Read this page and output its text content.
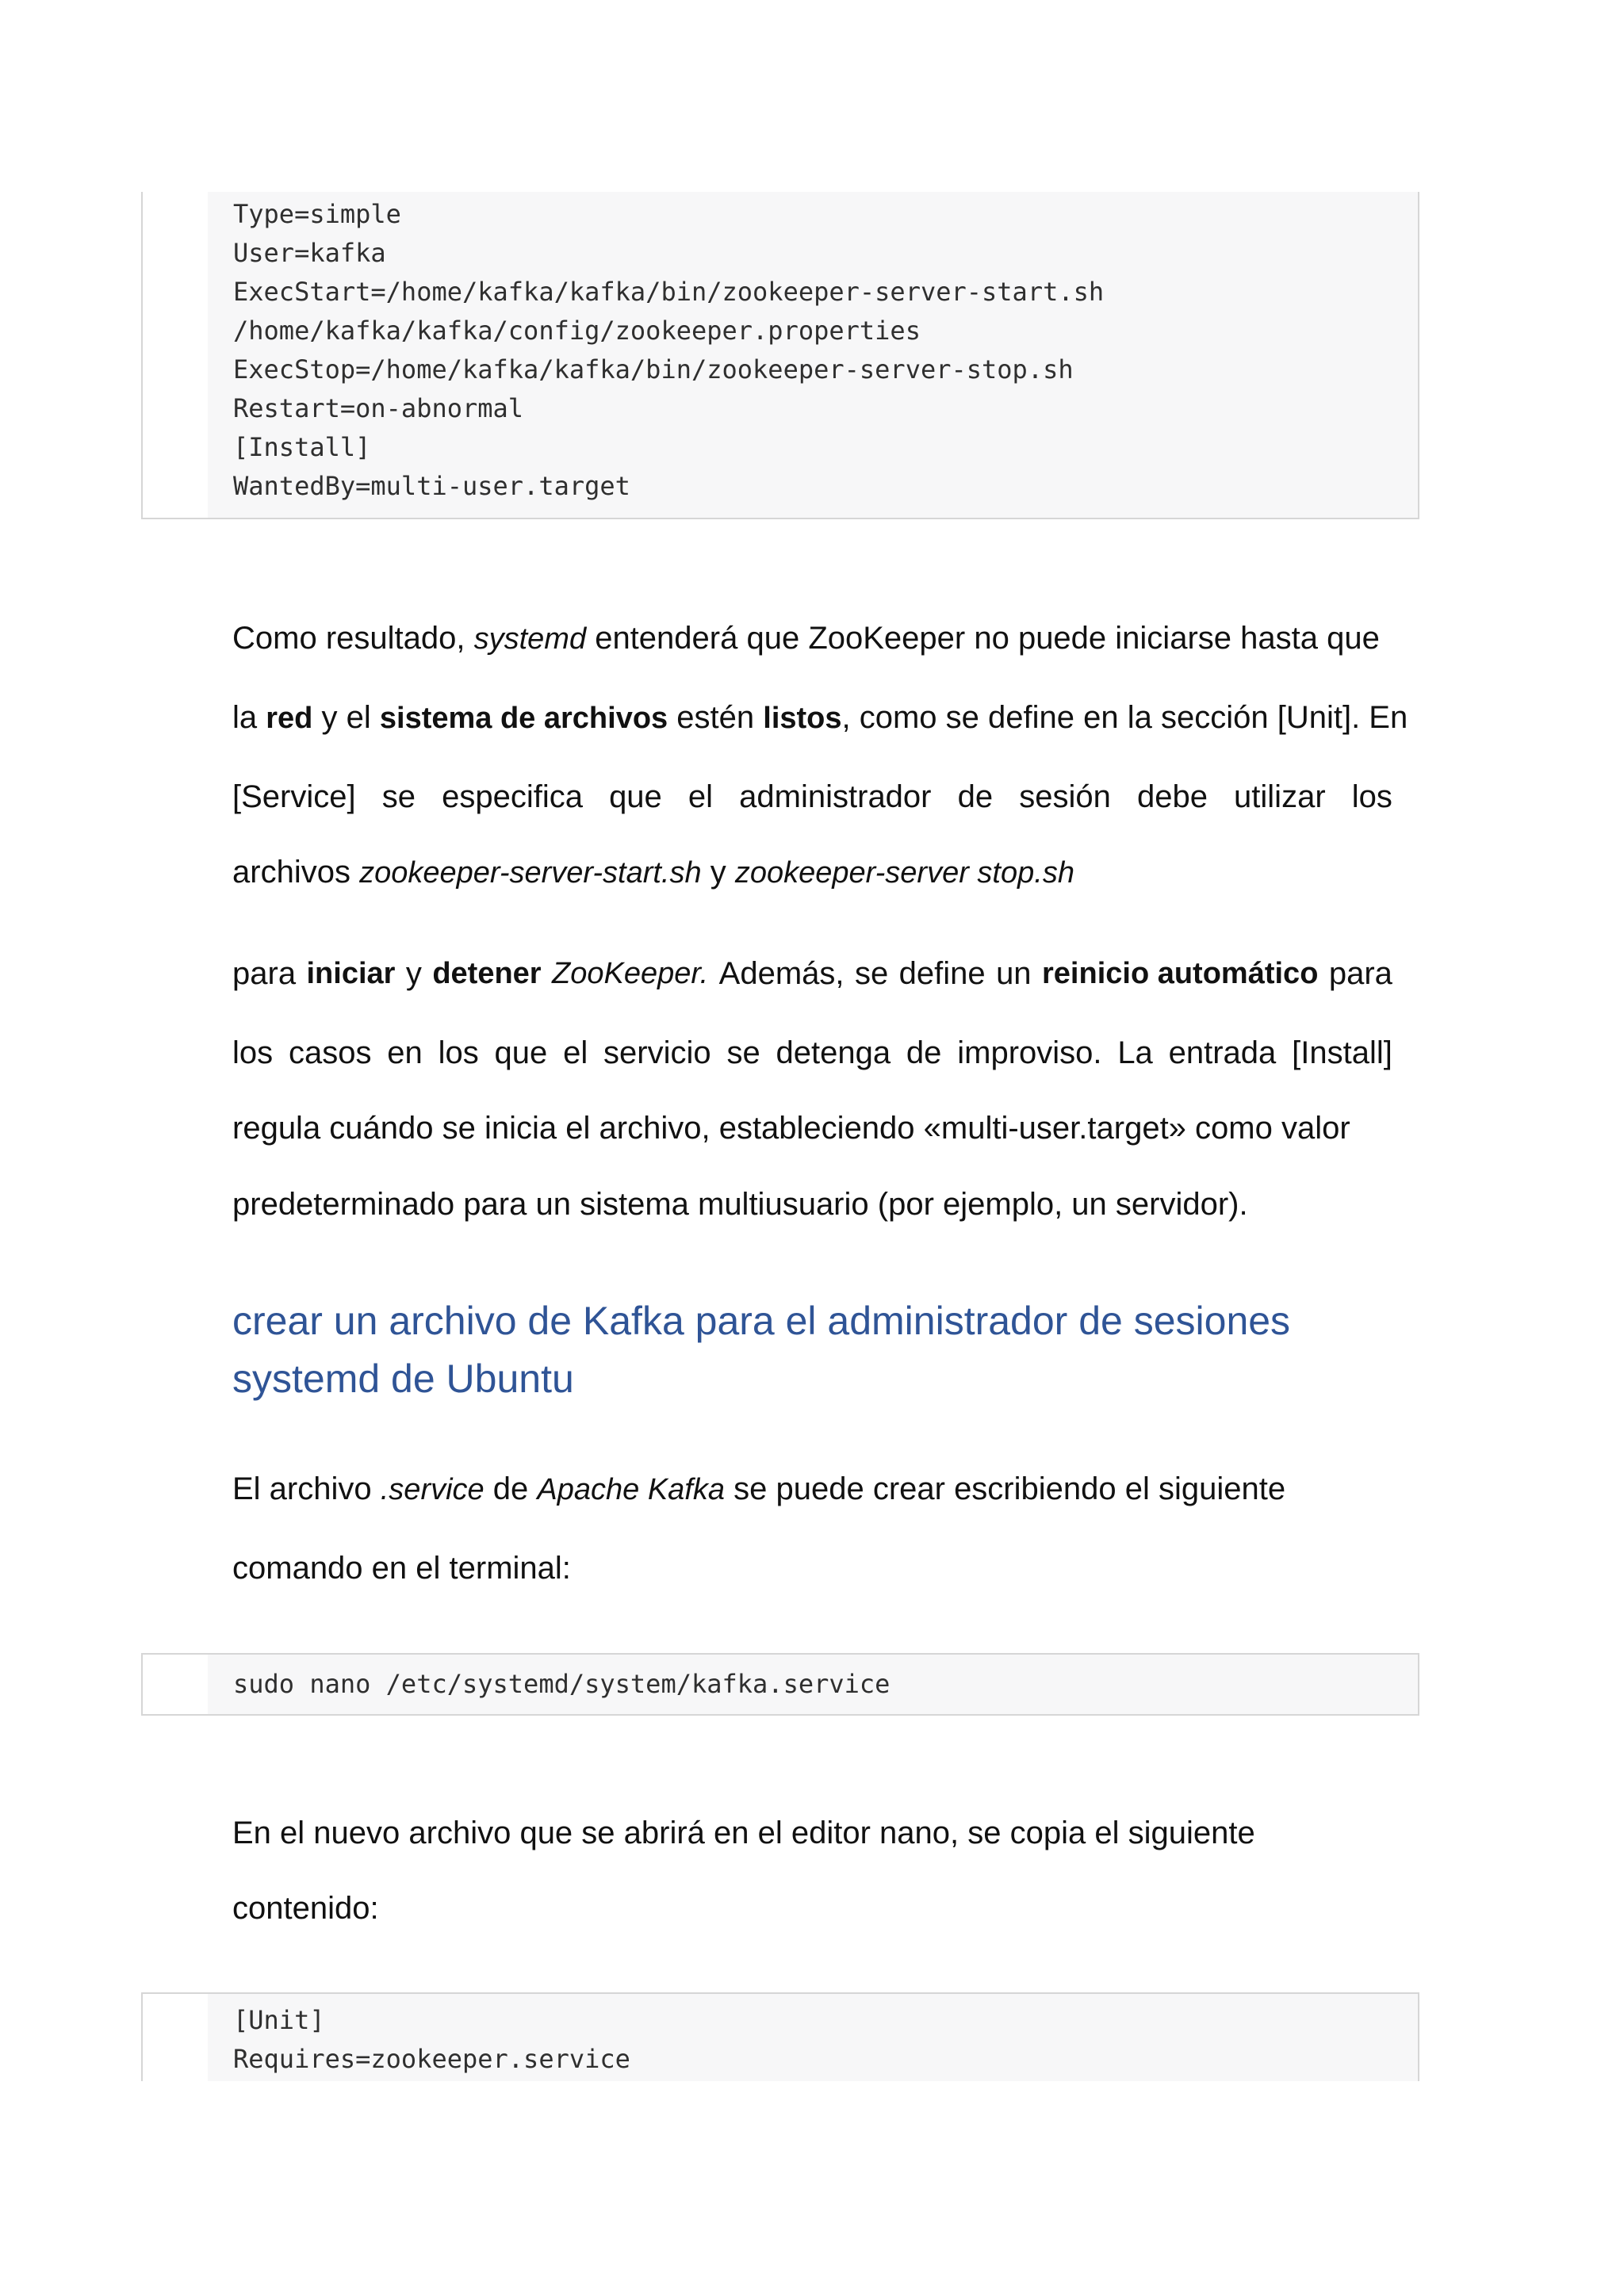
Type=simple
User=kafka
ExecStart=/home/kafka/kafka/bin/zookeeper-server-start.sh
/home/kafka/kafka/config/zookeeper.properties
ExecStop=/home/kafka/kafka/bin/zookeeper-server-stop.sh
Restart=on-abnormal
[Install]
WantedBy=multi-user.target
Como resultado, systemd entenderá que ZooKeeper no puede iniciarse hasta que
la red y el sistema de archivos estén listos, como se define en la sección [Unit]. En
[Service] se especifica que el administrador de sesión debe utilizar los
archivos zookeeper-server-start.sh y zookeeper-server stop.sh
para iniciar y detener ZooKeeper. Además, se define un reinicio automático para
los casos en los que el servicio se detenga de improviso. La entrada [Install]
regula cuándo se inicia el archivo, estableciendo «multi-user.target» como valor
predeterminado para un sistema multiusuario (por ejemplo, un servidor).
crear un archivo de Kafka para el administrador de sesiones
systemd de Ubuntu
El archivo .service de Apache Kafka se puede crear escribiendo el siguiente
comando en el terminal:
sudo nano /etc/systemd/system/kafka.service
En el nuevo archivo que se abrirá en el editor nano, se copia el siguiente
contenido:
[Unit]
Requires=zookeeper.service
